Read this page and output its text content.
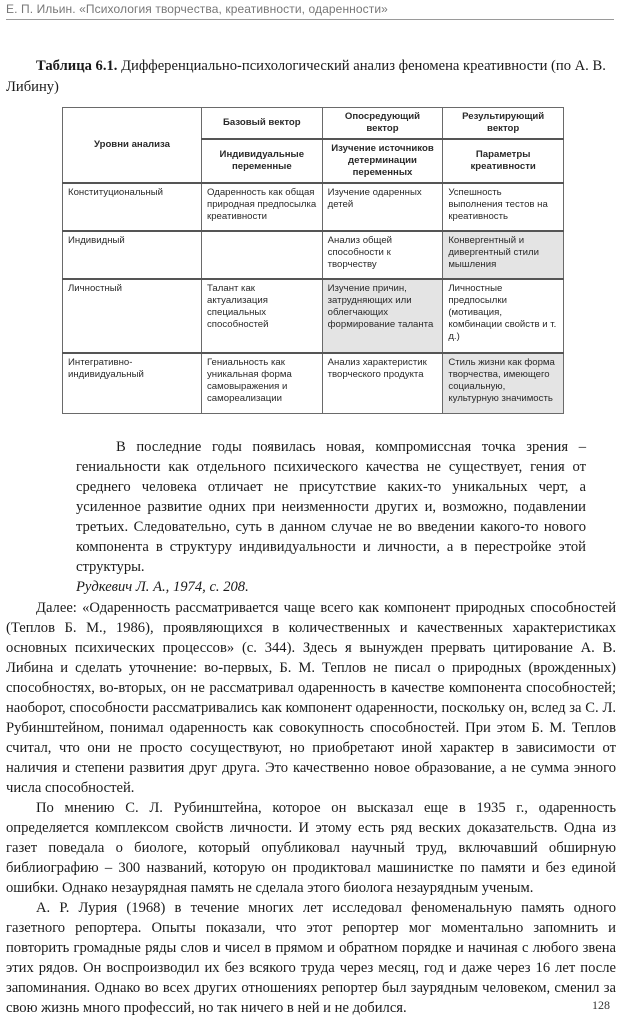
Е. П. Ильин. «Психология творчества, креативности, одаренности»

Таблица 6.1. Дифференциально-психологический анализ феномена креативности (по А. В. Либину)

Уровни анализа	Базовый вектор	Опосредующий вектор	Результирующий вектор
	Индивидуальные переменные	Изучение источников детерминации переменных	Параметры креативности
Конституциональный	Одаренность как общая природная предпосылка креативности	Изучение одаренных детей	Успешность выполнения тестов на креативность
Индивидный		Анализ общей способности к творчеству	Конвергентный и дивергентный стили мышления
Личностный	Талант как актуализация специальных способностей	Изучение причин, затрудняющих или облегчающих формирование таланта	Личностные предпосылки (мотивация, комбинации свойств и т. д.)
Интегративно-индивидуальный	Гениальность как уникальная форма самовыражения и самореализации	Анализ характеристик творческого продукта	Стиль жизни как форма творчества, имеющего социальную, культурную значимость

В последние годы появилась новая, компромиссная точка зрения – гениальности как отдельного психического качества не существует, гения от среднего человека отличает не присутствие каких-то уникальных черт, а усиленное развитие одних при неизменности других и, возможно, подавлении третьих. Следовательно, суть в данном случае не во введении какого-то нового компонента в структуру индивидуальности и личности, а в перестройке этой структуры.

Рудкевич Л. А., 1974, с. 208.

Далее: «Одаренность рассматривается чаще всего как компонент природных способностей (Теплов Б. М., 1986), проявляющихся в количественных и качественных характеристиках основных психических процессов» (с. 344). Здесь я вынужден прервать цитирование А. В. Либина и сделать уточнение: во-первых, Б. М. Теплов не писал о природных (врожденных) способностях, во-вторых, он не рассматривал одаренность в качестве компонента способностей; наоборот, способности рассматривались как компонент одаренности, поскольку он, вслед за С. Л. Рубинштейном, понимал одаренность как совокупность способностей. При этом Б. М. Теплов считал, что они не просто сосуществуют, но приобретают иной характер в зависимости от наличия и степени развития друг друга. Это качественно новое образование, а не сумма энного числа способностей.

По мнению С. Л. Рубинштейна, которое он высказал еще в 1935 г., одаренность определяется комплексом свойств личности. И этому есть ряд веских доказательств. Одна из газет поведала о биологе, который опубликовал научный труд, включавший обширную библиографию – 300 названий, которую он продиктовал машинистке по памяти и без единой ошибки. Однако незаурядная память не сделала этого биолога незаурядным ученым.

А. Р. Лурия (1968) в течение многих лет исследовал феноменальную память одного газетного репортера. Опыты показали, что этот репортер мог моментально запомнить и повторить громадные ряды слов и чисел в прямом и обратном порядке и начиная с любого звена этих рядов. Он воспроизводил их без всякого труда через месяц, год и даже через 16 лет после запоминания. Однако во всех других отношениях репортер был заурядным человеком, сменил за свою жизнь много профессий, но так ничего в ней и не добился.	128
